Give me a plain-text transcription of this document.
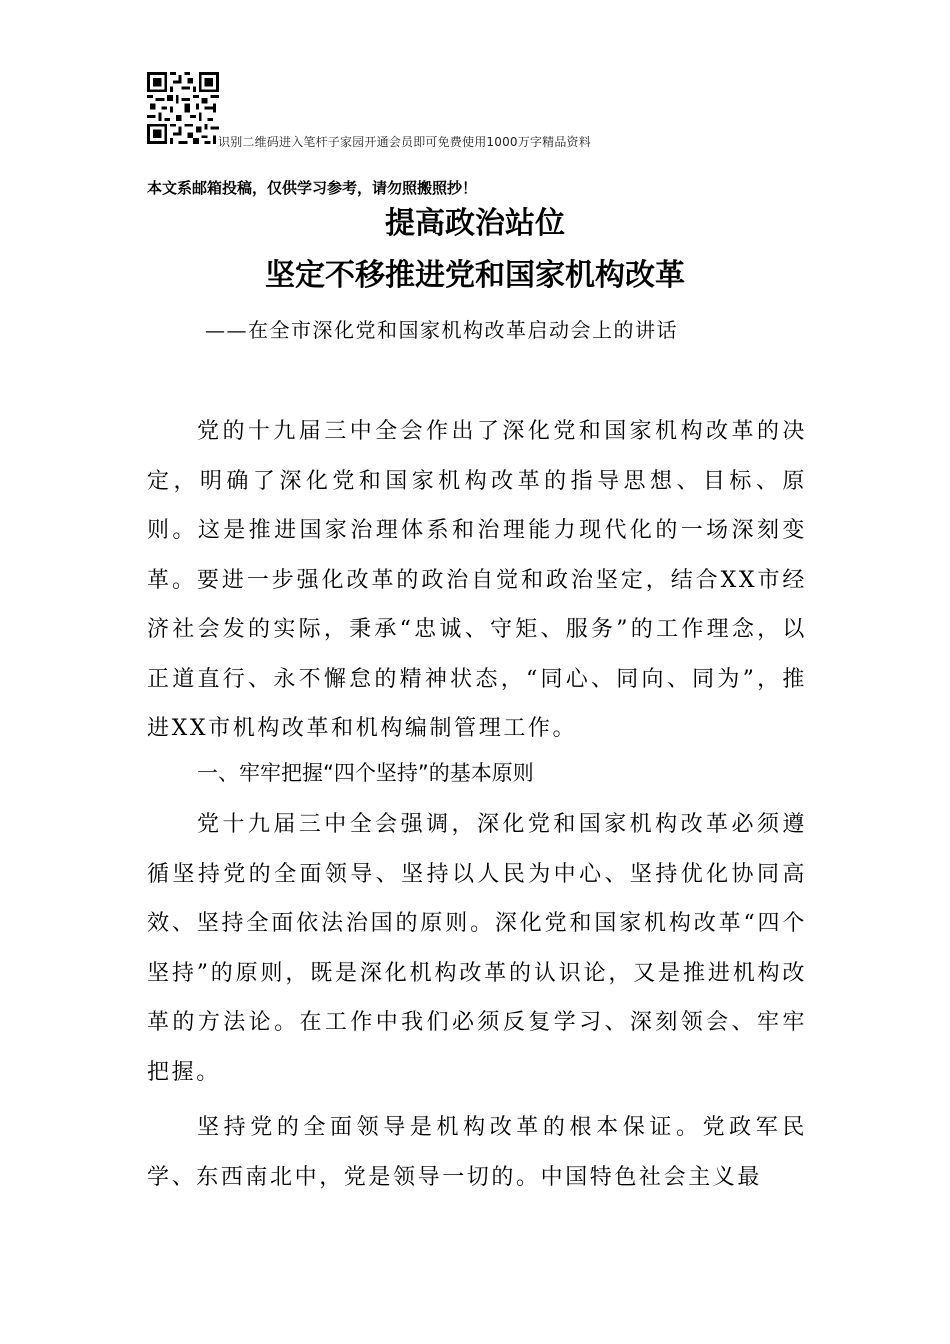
识别二维码进入笔杆子家园开通会员即可免费使用1000万字精品资料
本文系邮箱投稿，仅供学习参考，请勿照搬照抄！
提高政治站位
坚定不移推进党和国家机构改革
——在全市深化党和国家机构改革启动会上的讲话
党的十九届三中全会作出了深化党和国家机构改革的决定，明确了深化党和国家机构改革的指导思想、目标、原则。这是推进国家治理体系和治理能力现代化的一场深刻变革。要进一步强化改革的政治自觉和政治坚定，结合XX市经济社会发的实际，秉承“忠诚、守矩、服务”的工作理念，以正道直行、永不懈怠的精神状态，“同心、同向、同为”，推进XX市机构改革和机构编制管理工作。
一、牢牢把握“四个坚持”的基本原则
党十九届三中全会强调，深化党和国家机构改革必须遵循坚持党的全面领导、坚持以人民为中心、坚持优化协同高效、坚持全面依法治国的原则。深化党和国家机构改革“四个坚持”的原则，既是深化机构改革的认识论，又是推进机构改革的方法论。在工作中我们必须反复学习、深刻领会、牢牢把握。
坚持党的全面领导是机构改革的根本保证。党政军民学、东西南北中，党是领导一切的。中国特色社会主义最
